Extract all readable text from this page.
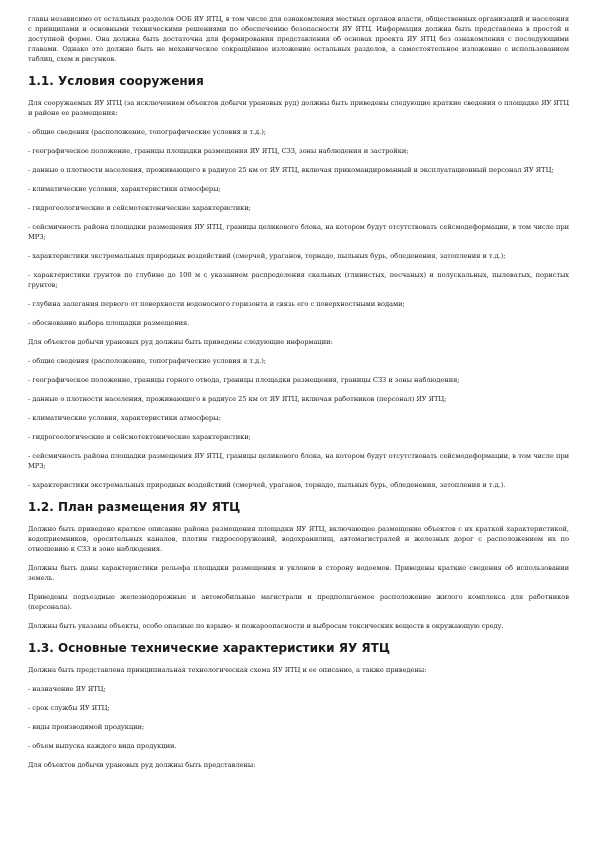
главы независимо от остальных разделов ООБ ЯУ ЯТЦ, в том числе для ознакомления местных органов власти, общественных организаций и населения с принципами и основными техническими решениями по обеспечению безопасности ЯУ ЯТЦ. Информация должна быть представлена в простой и доступной форме. Она должна быть достаточна для формирования представления об основах проекта ЯУ ЯТЦ без ознакомления с последующими главами. Однако это должно быть не механическое сокращённое изложение остальных разделов, а самостоятельное изложение с использованием таблиц, схем и рисунков.

1.1. Условия сооружения

Для сооружаемых ЯУ ЯТЦ (за исключением объектов добычи урановых руд) должны быть приведены следующие краткие сведения о площадке ЯУ ЯТЦ и районе ее размещения:

- общие сведения (расположение, топографические условия и т.д.);

- географическое положение, границы площадки размещения ЯУ ЯТЦ, СЗЗ, зоны наблюдения и застройки;

- данные о плотности населения, проживающего в радиусе 25 км от ЯУ ЯТЦ, включая прикомандированный и эксплуатационный персонал ЯУ ЯТЦ;

- климатические условия, характеристики атмосферы;

- гидрогеологические и сейсмотектонические характеристики;

- сейсмичность района площадки размещения ЯУ ЯТЦ, границы целикового блока, на котором будут отсутствовать сейсмодеформации, в том числе при МРЗ;

- характеристики экстремальных природных воздействий (смерчей, ураганов, торнадо, пыльных бурь, обледенения, затопления и т.д.);

- характеристики грунтов по глубине до 100 м с указанием распределения скальных (глинистых, песчаных) и полускальных, пылеватых, пористых грунтов;

- глубина залегания первого от поверхности водоносного горизонта и связь его с поверхностными водами;

- обоснование выбора площадки размещения.

Для объектов добычи урановых руд должны быть приведены следующие информации:

- общие сведения (расположение, топографические условия и т.д.);

- географическое положение, границы горного отвода, границы площадки размещения, границы СЗЗ и зоны наблюдения;

- данные о плотности населения, проживающего в радиусе 25 км от ЯУ ЯТЦ, включая работников (персонал) ЯУ ЯТЦ;

- климатические условия, характеристики атмосферы;

- гидрогеологические и сейсмотектонические характеристики;

- сейсмичность района площадки размещения ЯУ ЯТЦ, границы целикового блока, на котором будут отсутствовать сейсмодеформации, в том числе при МРЗ;

- характеристики экстремальных природных воздействий (смерчей, ураганов, торнадо, пыльных бурь, обледенения, затопления и т.д.).

1.2. План размещения ЯУ ЯТЦ

Должно быть приведено краткое описание района размещения площадки ЯУ ЯТЦ, включающее размещение объектов с их краткой характеристикой, водоприемников, оросительных каналов, плотин гидросооружений, водохранилищ, автомагистралей и железных дорог с расположением их по отношению к СЗЗ и зоне наблюдения.

Должны быть даны характеристики рельефа площадки размещения и уклонов в сторону водоемов. Приведены краткие сведения об использовании земель.

Приведены подъездные железнодорожные и автомобильные магистрали и предполагаемое расположение жилого комплекса для работников (персонала).

Должны быть указаны объекты, особо опасные по взрыво- и пожароопасности и выбросам токсических веществ в окружающую среду.

1.3. Основные технические характеристики ЯУ ЯТЦ

Должна быть представлена принципиальная технологическая схема ЯУ ЯТЦ и ее описание, а также приведены:

- назначение ЯУ ЯТЦ;

- срок службы ЯУ ЯТЦ;

- виды производимой продукции;

- объем выпуска каждого вида продукции.

Для объектов добычи урановых руд должны быть представлены:
